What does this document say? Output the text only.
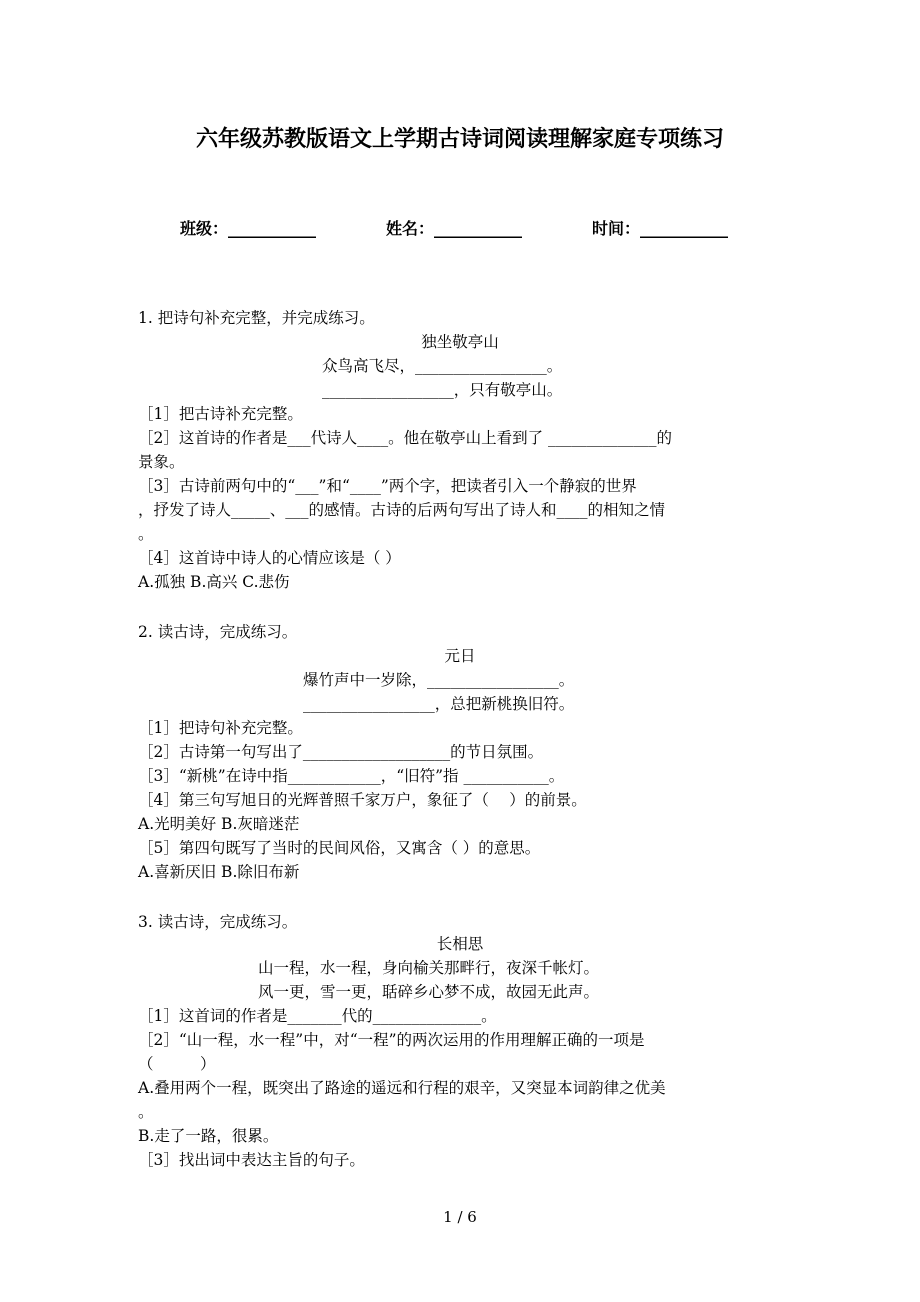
六年级苏教版语文上学期古诗词阅读理解家庭专项练习
班级：___________	姓名：___________	时间：___________
1. 把诗句补充完整，并完成练习。
独坐敬亭山
众鸟高飞尽，_________________。
_________________，只有敬亭山。
［1］把古诗补充完整。
［2］这首诗的作者是___代诗人____。他在敬亭山上看到了 ______________的
景象。
［3］古诗前两句中的“___”和“____”两个字，把读者引入一个静寂的世界
，抒发了诗人_____、___的感情。古诗的后两句写出了诗人和____的相知之情
。
［4］这首诗中诗人的心情应该是（ ）
A.孤独 B.高兴 C.悲伤
2. 读古诗，完成练习。
元日
爆竹声中一岁除，_________________。
_________________，总把新桃换旧符。
［1］把诗句补充完整。
［2］古诗第一句写出了___________________的节日氛围。
［3］“新桃”在诗中指____________，“旧符”指 ___________。
［4］第三句写旭日的光辉普照千家万户，象征了（　 ）的前景。
A.光明美好 B.灰暗迷茫
［5］第四句既写了当时的民间风俗，又寓含（ ）的意思。
A.喜新厌旧 B.除旧布新
3. 读古诗，完成练习。
长相思
山一程，水一程，身向榆关那畔行，夜深千帐灯。
风一更，雪一更，聒碎乡心梦不成，故园无此声。
［1］这首词的作者是_______代的______________。
［2］“山一程，水一程”中，对“一程”的两次运用的作用理解正确的一项是
（　　　）
A.叠用两个一程，既突出了路途的遥远和行程的艰辛，又突显本词韵律之优美
。
B.走了一路，很累。
［3］找出词中表达主旨的句子。
1 / 6
